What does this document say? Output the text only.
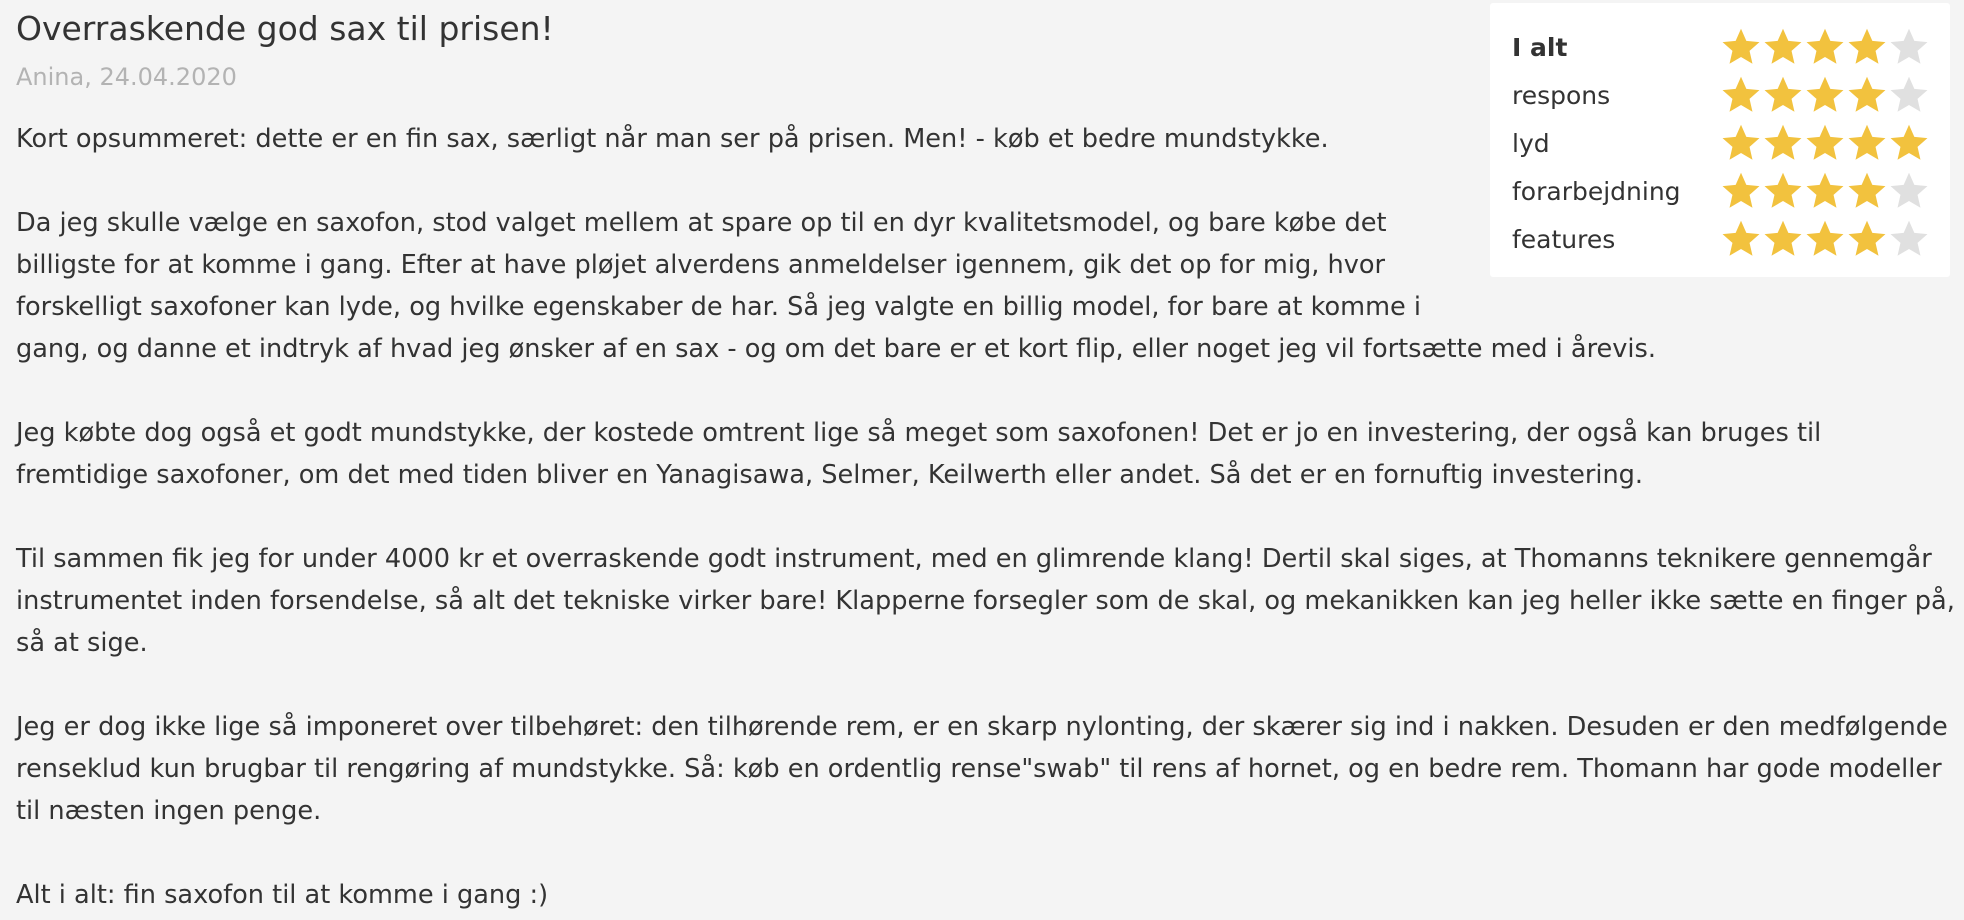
Overraskende god sax til prisen!
Anina, 24.04.2020
I alt
respons
lyd
forarbejdning
features

Kort opsummeret: dette er en fin sax, særligt når man ser på prisen. Men! - køb et bedre mundstykke.

Da jeg skulle vælge en saxofon, stod valget mellem at spare op til en dyr kvalitetsmodel, og bare købe det billigste for at komme i gang. Efter at have pløjet alverdens anmeldelser igennem, gik det op for mig, hvor forskelligt saxofoner kan lyde, og hvilke egenskaber de har. Så jeg valgte en billig model, for bare at komme i
gang, og danne et indtryk af hvad jeg ønsker af en sax - og om det bare er et kort flip, eller noget jeg vil fortsætte med i årevis.

Jeg købte dog også et godt mundstykke, der kostede omtrent lige så meget som saxofonen! Det er jo en investering, der også kan bruges til fremtidige saxofoner, om det med tiden bliver en Yanagisawa, Selmer, Keilwerth eller andet. Så det er en fornuftig investering.

Til sammen fik jeg for under 4000 kr et overraskende godt instrument, med en glimrende klang! Dertil skal siges, at Thomanns teknikere gennemgår instrumentet inden forsendelse, så alt det tekniske virker bare! Klapperne forsegler som de skal, og mekanikken kan jeg heller ikke sætte en finger på, så at sige.

Jeg er dog ikke lige så imponeret over tilbehøret: den tilhørende rem, er en skarp nylonting, der skærer sig ind i nakken. Desuden er den medfølgende renseklud kun brugbar til rengøring af mundstykke. Så: køb en ordentlig rense"swab" til rens af hornet, og en bedre rem. Thomann har gode modeller til næsten ingen penge.

Alt i alt: fin saxofon til at komme i gang :)
